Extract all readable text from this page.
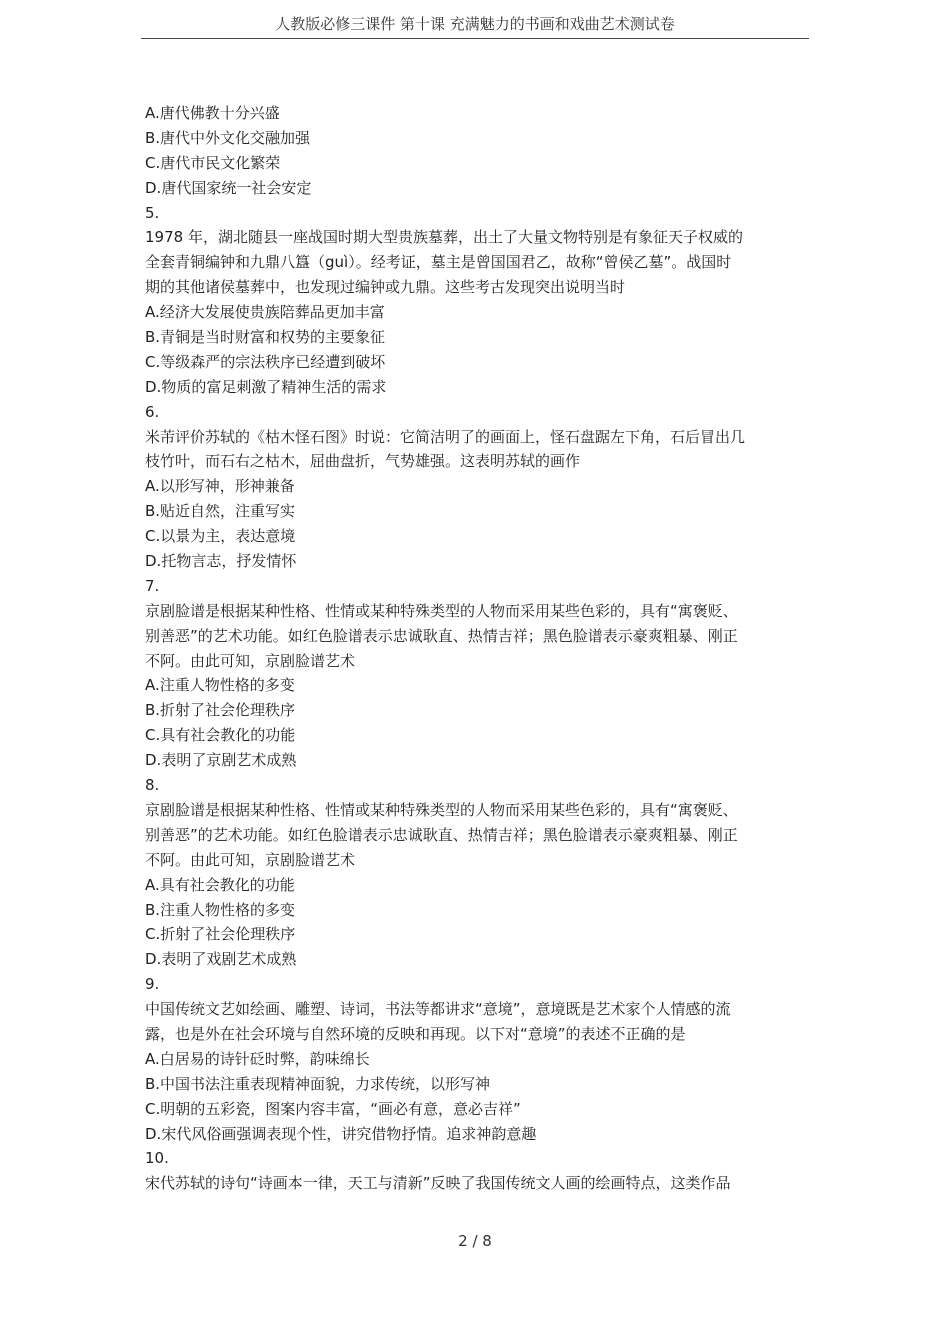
人教版必修三课件 第十课 充满魅力的书画和戏曲艺术测试卷
A.唐代佛教十分兴盛
B.唐代中外文化交融加强
C.唐代市民文化繁荣
D.唐代国家统一社会安定
5.
1978 年，湖北随县一座战国时期大型贵族墓葬，出土了大量文物特别是有象征天子权威的
全套青铜编钟和九鼎八簋（guì）。经考证，墓主是曾国国君乙，故称“曾侯乙墓”。战国时
期的其他诸侯墓葬中，也发现过编钟或九鼎。这些考古发现突出说明当时
A.经济大发展使贵族陪葬品更加丰富
B.青铜是当时财富和权势的主要象征
C.等级森严的宗法秩序已经遭到破坏
D.物质的富足刺激了精神生活的需求
6.
米芾评价苏轼的《枯木怪石图》时说：它简洁明了的画面上，怪石盘踞左下角，石后冒出几
枝竹叶，而石右之枯木，屈曲盘折，气势雄强。这表明苏轼的画作
A.以形写神，形神兼备
B.贴近自然，注重写实
C.以景为主，表达意境
D.托物言志，抒发情怀
7.
京剧脸谱是根据某种性格、性情或某种特殊类型的人物而采用某些色彩的，具有“寓褒贬、
别善恶”的艺术功能。如红色脸谱表示忠诚耿直、热情吉祥；黑色脸谱表示豪爽粗暴、刚正
不阿。由此可知，京剧脸谱艺术
A.注重人物性格的多变
B.折射了社会伦理秩序
C.具有社会教化的功能
D.表明了京剧艺术成熟
8.
京剧脸谱是根据某种性格、性情或某种特殊类型的人物而采用某些色彩的，具有“寓褒贬、
别善恶”的艺术功能。如红色脸谱表示忠诚耿直、热情吉祥；黑色脸谱表示豪爽粗暴、刚正
不阿。由此可知，京剧脸谱艺术
A.具有社会教化的功能
B.注重人物性格的多变
C.折射了社会伦理秩序
D.表明了戏剧艺术成熟
9.
中国传统文艺如绘画、雕塑、诗词，书法等都讲求“意境”，意境既是艺术家个人情感的流
露，也是外在社会环境与自然环境的反映和再现。以下对“意境”的表述不正确的是
A.白居易的诗针砭时弊，韵味绵长
B.中国书法注重表现精神面貌，力求传统，以形写神
C.明朝的五彩瓷，图案内容丰富，“画必有意，意必吉祥”
D.宋代风俗画强调表现个性，讲究借物抒情。追求神韵意趣
10.
宋代苏轼的诗句“诗画本一律，天工与清新”反映了我国传统文人画的绘画特点，这类作品
2 / 8
